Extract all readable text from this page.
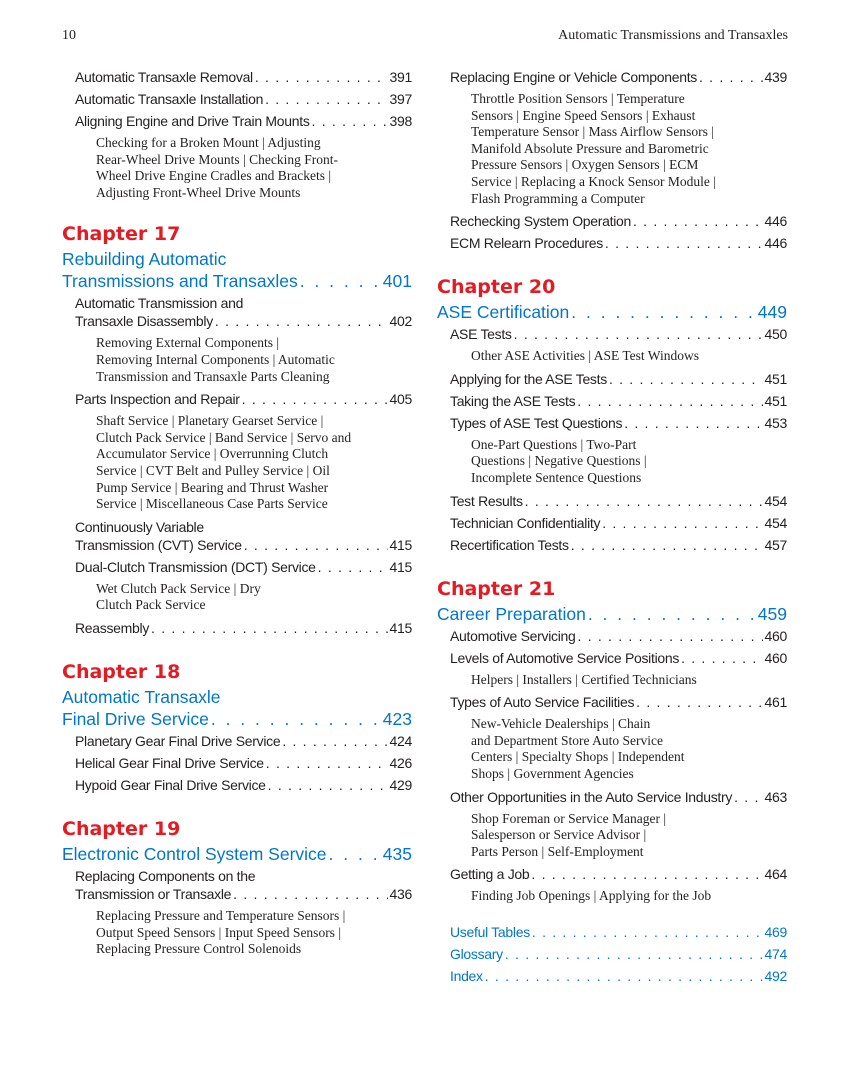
10	Automatic Transmissions and Transaxles
Automatic Transaxle Removal . . .	391
Automatic Transaxle Installation . . .	397
Aligning Engine and Drive Train Mounts . . .	398
Checking for a Broken Mount | Adjusting
Rear-Wheel Drive Mounts | Checking Front-
Wheel Drive Engine Cradles and Brackets |
Adjusting Front-Wheel Drive Mounts
Chapter 17
Rebuilding Automatic
Transmissions and Transaxles . . .	401
Automatic Transmission and
Transaxle Disassembly . . .	402
Removing External Components |
Removing Internal Components | Automatic
Transmission and Transaxle Parts Cleaning
Parts Inspection and Repair . . .	405
Shaft Service | Planetary Gearset Service |
Clutch Pack Service | Band Service | Servo and
Accumulator Service | Overrunning Clutch
Service | CVT Belt and Pulley Service | Oil
Pump Service | Bearing and Thrust Washer
Service | Miscellaneous Case Parts Service
Continuously Variable
Transmission (CVT) Service . . .	415
Dual-Clutch Transmission (DCT) Service . . .	415
Wet Clutch Pack Service | Dry
Clutch Pack Service
Reassembly . . .	415
Chapter 18
Automatic Transaxle
Final Drive Service . . .	423
Planetary Gear Final Drive Service . . .	424
Helical Gear Final Drive Service . . .	426
Hypoid Gear Final Drive Service . . .	429
Chapter 19
Electronic Control System Service . . .	435
Replacing Components on the
Transmission or Transaxle . . .	436
Replacing Pressure and Temperature Sensors |
Output Speed Sensors | Input Speed Sensors |
Replacing Pressure Control Solenoids
Replacing Engine or Vehicle Components . . .	439
Throttle Position Sensors | Temperature
Sensors | Engine Speed Sensors | Exhaust
Temperature Sensor | Mass Airflow Sensors |
Manifold Absolute Pressure and Barometric
Pressure Sensors | Oxygen Sensors | ECM
Service | Replacing a Knock Sensor Module |
Flash Programming a Computer
Rechecking System Operation . . .	446
ECM Relearn Procedures . . .	446
Chapter 20
ASE Certification . . .	449
ASE Tests . . .	450
Other ASE Activities | ASE Test Windows
Applying for the ASE Tests . . .	451
Taking the ASE Tests . . .	451
Types of ASE Test Questions . . .	453
One-Part Questions | Two-Part
Questions | Negative Questions |
Incomplete Sentence Questions
Test Results . . .	454
Technician Confidentiality . . .	454
Recertification Tests . . .	457
Chapter 21
Career Preparation . . .	459
Automotive Servicing . . .	460
Levels of Automotive Service Positions . . .	460
Helpers | Installers | Certified Technicians
Types of Auto Service Facilities . . .	461
New-Vehicle Dealerships | Chain
and Department Store Auto Service
Centers | Specialty Shops | Independent
Shops | Government Agencies
Other Opportunities in the Auto Service Industry . . . 463
Shop Foreman or Service Manager |
Salesperson or Service Advisor |
Parts Person | Self-Employment
Getting a Job . . .	464
Finding Job Openings | Applying for the Job
Useful Tables . . .	469
Glossary . . .	474
Index . . .	492
